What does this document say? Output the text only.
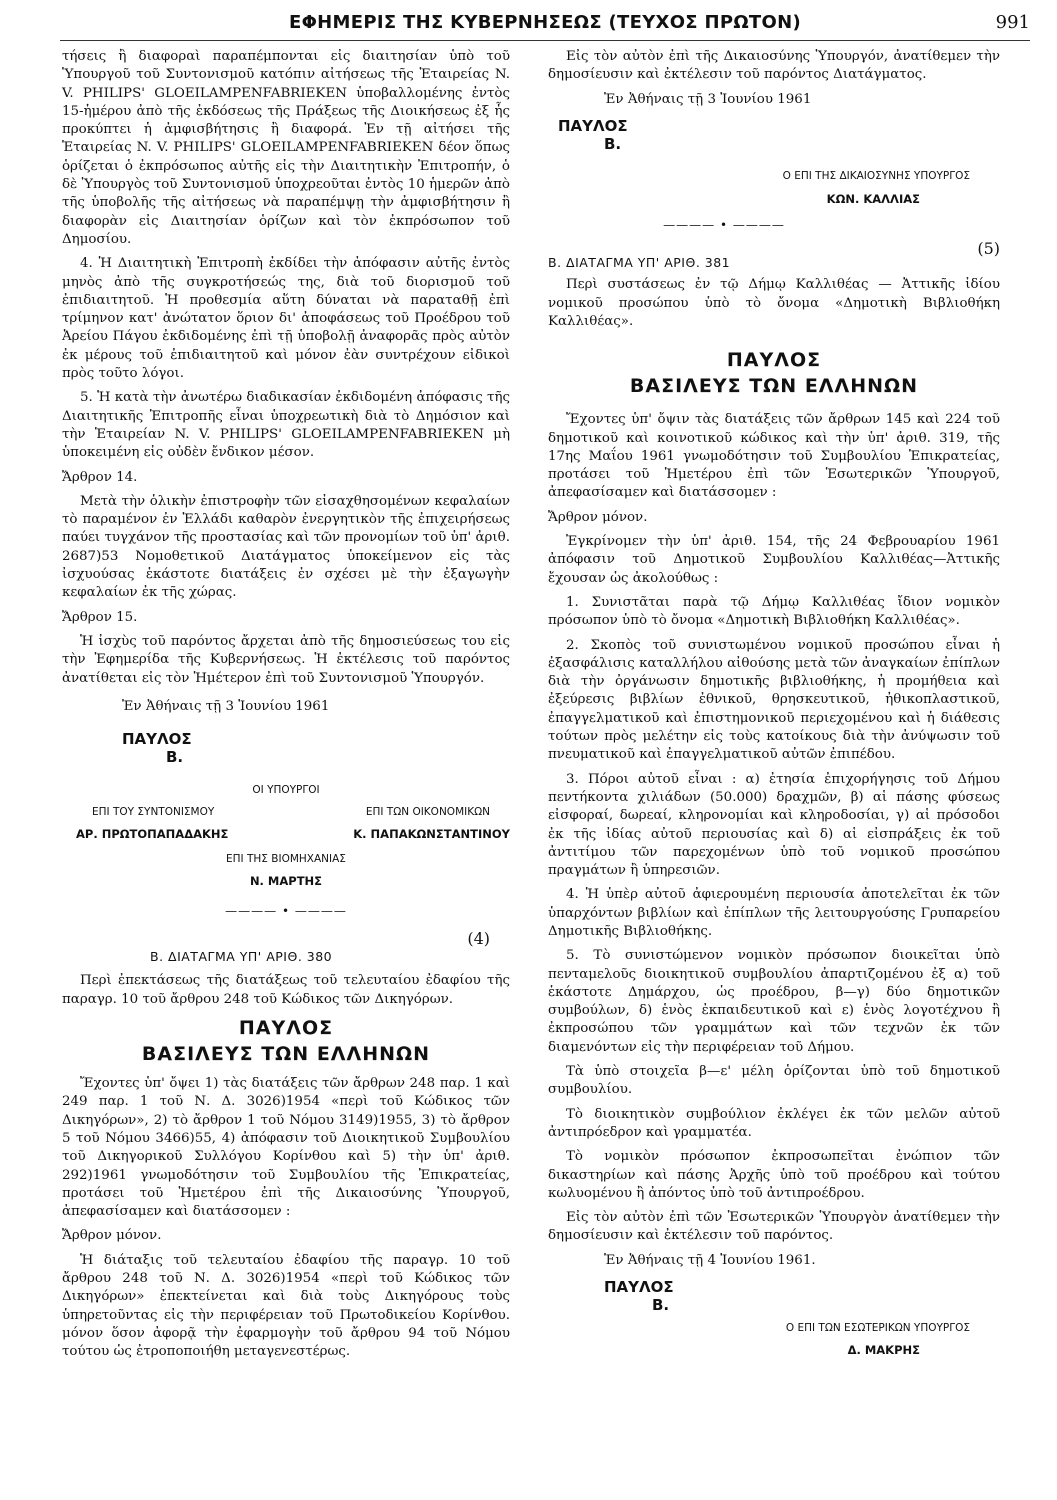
ΕΦΗΜΕΡΙΣ ΤΗΣ ΚΥΒΕΡΝΗΣΕΩΣ (ΤΕΥΧΟΣ ΠΡΩΤΟΝ)	991

τήσεις ἢ διαφοραὶ παραπέμπονται εἰς διαιτησίαν ὑπὸ τοῦ Ὑπουργοῦ τοῦ Συντονισμοῦ κατόπιν αἰτήσεως τῆς Ἑταιρείας N. V. PHILIPS' GLOEILAMPENFABRIEKEN ὑποβαλλομένης ἐντὸς 15-ἡμέρου ἀπὸ τῆς ἐκδόσεως τῆς Πράξεως τῆς Διοικήσεως ἐξ ἧς προκύπτει ἡ ἀμφισβήτησις ἢ διαφορά. Ἐν τῇ αἰτήσει τῆς Ἑταιρείας N. V. PHILIPS' GLOEILAMPENFABRIEKEN δέον ὅπως ὁρίζεται ὁ ἐκπρόσωπος αὐτῆς εἰς τὴν Διαιτητικὴν Ἐπιτροπήν, ὁ δὲ Ὑπουργὸς τοῦ Συντονισμοῦ ὑποχρεοῦται ἐντὸς 10 ἡμερῶν ἀπὸ τῆς ὑποβολῆς τῆς αἰτήσεως νὰ παραπέμψῃ τὴν ἀμφισβήτησιν ἢ διαφορὰν εἰς Διαιτησίαν ὁρίζων καὶ τὸν ἐκπρόσωπον τοῦ Δημοσίου.

4. Ἡ Διαιτητικὴ Ἐπιτροπὴ ἐκδίδει τὴν ἀπόφασιν αὐτῆς ἐντὸς μηνὸς ἀπὸ τῆς συγκροτήσεώς της, διὰ τοῦ διορισμοῦ τοῦ ἐπιδιαιτητοῦ. Ἡ προθεσμία αὕτη δύναται νὰ παραταθῇ ἐπὶ τρίμηνον κατ' ἀνώτατον ὅριον δι' ἀποφάσεως τοῦ Προέδρου τοῦ Ἀρείου Πάγου ἐκδιδομένης ἐπὶ τῇ ὑποβολῇ ἀναφορᾶς πρὸς αὐτὸν ἐκ μέρους τοῦ ἐπιδιαιτητοῦ καὶ μόνον ἐὰν συντρέχουν εἰδικοὶ πρὸς τοῦτο λόγοι.

5. Ἡ κατὰ τὴν ἀνωτέρω διαδικασίαν ἐκδιδομένη ἀπόφασις τῆς Διαιτητικῆς Ἐπιτροπῆς εἶναι ὑποχρεωτικὴ διὰ τὸ Δημόσιον καὶ τὴν Ἑταιρείαν N. V. PHILIPS' GLOEILAMPENFABRIEKEN μὴ ὑποκειμένη εἰς οὐδὲν ἔνδικον μέσον.

Ἄρθρον 14.

Μετὰ τὴν ὁλικὴν ἐπιστροφὴν τῶν εἰσαχθησομένων κεφαλαίων τὸ παραμένον ἐν Ἑλλάδι καθαρὸν ἐνεργητικὸν τῆς ἐπιχειρήσεως παύει τυγχάνον τῆς προστασίας καὶ τῶν προνομίων τοῦ ὑπ' ἀριθ. 2687)53 Νομοθετικοῦ Διατάγματος ὑποκείμενον εἰς τὰς ἰσχυούσας ἑκάστοτε διατάξεις ἐν σχέσει μὲ τὴν ἐξαγωγὴν κεφαλαίων ἐκ τῆς χώρας.

Ἄρθρον 15.

Ἡ ἰσχὺς τοῦ παρόντος ἄρχεται ἀπὸ τῆς δημοσιεύσεως του εἰς τὴν Ἐφημερίδα τῆς Κυβερνήσεως. Ἡ ἐκτέλεσις τοῦ παρόντος ἀνατίθεται εἰς τὸν Ἡμέτερον ἐπὶ τοῦ Συντονισμοῦ Ὑπουργόν.

Ἐν Ἀθήναις τῇ 3 Ἰουνίου 1961

ΠΑΥΛΟΣ
Β.
ΟΙ ΥΠΟΥΡΓΟΙ
ΕΠΙ ΤΟΥ ΣΥΝΤΟΝΙΣΜΟΥ	ΕΠΙ ΤΩΝ ΟΙΚΟΝΟΜΙΚΩΝ
ΑΡ. ΠΡΩΤΟΠΑΠΑΔΑΚΗΣ	Κ. ΠΑΠΑΚΩΝΣΤΑΝΤΙΝΟΥ
ΕΠΙ ΤΗΣ ΒΙΟΜΗΧΑΝΙΑΣ
Ν. ΜΑΡΤΗΣ
———— • ————
Β. ΔΙΑΤΑΓΜΑ ΥΠ' ΑΡΙΘ. 380
(4)

Περὶ ἐπεκτάσεως τῆς διατάξεως τοῦ τελευταίου ἐδαφίου τῆς παραγρ. 10 τοῦ ἄρθρου 248 τοῦ Κώδικος τῶν Δικηγόρων.

ΠΑΥΛΟΣ
ΒΑΣΙΛΕΥΣ ΤΩΝ ΕΛΛΗΝΩΝ

Ἔχοντες ὑπ' ὄψει 1) τὰς διατάξεις τῶν ἄρθρων 248 παρ. 1 καὶ 249 παρ. 1 τοῦ Ν. Δ. 3026)1954 «περὶ τοῦ Κώδικος τῶν Δικηγόρων», 2) τὸ ἄρθρον 1 τοῦ Νόμου 3149)1955, 3) τὸ ἄρθρον 5 τοῦ Νόμου 3466)55, 4) ἀπόφασιν τοῦ Διοικητικοῦ Συμβουλίου τοῦ Δικηγορικοῦ Συλλόγου Κορίνθου καὶ 5) τὴν ὑπ' ἀριθ. 292)1961 γνωμοδότησιν τοῦ Συμβουλίου τῆς Ἐπικρατείας, προτάσει τοῦ Ἡμετέρου ἐπὶ τῆς Δικαιοσύνης Ὑπουργοῦ, ἀπεφασίσαμεν καὶ διατάσσομεν :

Ἄρθρον μόνον.

Ἡ διάταξις τοῦ τελευταίου ἐδαφίου τῆς παραγρ. 10 τοῦ ἄρθρου 248 τοῦ Ν. Δ. 3026)1954 «περὶ τοῦ Κώδικος τῶν Δικηγόρων» ἐπεκτείνεται καὶ διὰ τοὺς Δικηγόρους τοὺς ὑπηρετοῦντας εἰς τὴν περιφέρειαν τοῦ Πρωτοδικείου Κορίνθου. μόνον ὅσον ἀφορᾷ τὴν ἐφαρμογὴν τοῦ ἄρθρου 94 τοῦ Νόμου τούτου ὡς ἐτροποποιήθη μεταγενεστέρως.

Εἰς τὸν αὐτὸν ἐπὶ τῆς Δικαιοσύνης Ὑπουργόν, ἀνατίθεμεν τὴν δημοσίευσιν καὶ ἐκτέλεσιν τοῦ παρόντος Διατάγματος.

Ἐν Ἀθήναις τῇ 3 Ἰουνίου 1961

ΠΑΥΛΟΣ
Β.
Ο ΕΠΙ ΤΗΣ ΔΙΚΑΙΟΣΥΝΗΣ ΥΠΟΥΡΓΟΣ
ΚΩΝ. ΚΑΛΛΙΑΣ
———— • ————
Β. ΔΙΑΤΑΓΜΑ ΥΠ' ΑΡΙΘ. 381
(5)

Περὶ συστάσεως ἐν τῷ Δήμῳ Καλλιθέας — Ἀττικῆς ἰδίου νομικοῦ προσώπου ὑπὸ τὸ ὄνομα «Δημοτικὴ Βιβλιοθήκη Καλλιθέας».

ΠΑΥΛΟΣ
ΒΑΣΙΛΕΥΣ ΤΩΝ ΕΛΛΗΝΩΝ

Ἔχοντες ὑπ' ὄψιν τὰς διατάξεις τῶν ἄρθρων 145 καὶ 224 τοῦ δημοτικοῦ καὶ κοινοτικοῦ κώδικος καὶ τὴν ὑπ' ἀριθ. 319, τῆς 17ης Μαΐου 1961 γνωμοδότησιν τοῦ Συμβουλίου Ἐπικρατείας, προτάσει τοῦ Ἡμετέρου ἐπὶ τῶν Ἐσωτερικῶν Ὑπουργοῦ, ἀπεφασίσαμεν καὶ διατάσσομεν :

Ἄρθρον μόνον.

Ἐγκρίνομεν τὴν ὑπ' ἀριθ. 154, τῆς 24 Φεβρουαρίου 1961 ἀπόφασιν τοῦ Δημοτικοῦ Συμβουλίου Καλλιθέας—Ἀττικῆς ἔχουσαν ὡς ἀκολούθως :

1. Συνιστᾶται παρὰ τῷ Δήμῳ Καλλιθέας ἴδιον νομικὸν πρόσωπον ὑπὸ τὸ ὄνομα «Δημοτικὴ Βιβλιοθήκη Καλλιθέας».

2. Σκοπὸς τοῦ συνιστωμένου νομικοῦ προσώπου εἶναι ἡ ἐξασφάλισις καταλλήλου αἰθούσης μετὰ τῶν ἀναγκαίων ἐπίπλων διὰ τὴν ὀργάνωσιν δημοτικῆς βιβλιοθήκης, ἡ προμήθεια καὶ ἐξεύρεσις βιβλίων ἐθνικοῦ, θρησκευτικοῦ, ἠθικοπλαστικοῦ, ἐπαγγελματικοῦ καὶ ἐπιστημονικοῦ περιεχομένου καὶ ἡ διάθεσις τούτων πρὸς μελέτην εἰς τοὺς κατοίκους διὰ τὴν ἀνύψωσιν τοῦ πνευματικοῦ καὶ ἐπαγγελματικοῦ αὐτῶν ἐπιπέδου.

3. Πόροι αὐτοῦ εἶναι : α) ἐτησία ἐπιχορήγησις τοῦ Δήμου πεντήκοντα χιλιάδων (50.000) δραχμῶν, β) αἱ πάσης φύσεως εἰσφοραί, δωρεαί, κληρονομίαι καὶ κληροδοσίαι, γ) αἱ πρόσοδοι ἐκ τῆς ἰδίας αὐτοῦ περιουσίας καὶ δ) αἱ εἰσπράξεις ἐκ τοῦ ἀντιτίμου τῶν παρεχομένων ὑπὸ τοῦ νομικοῦ προσώπου πραγμάτων ἢ ὑπηρεσιῶν.

4. Ἡ ὑπὲρ αὐτοῦ ἀφιερουμένη περιουσία ἀποτελεῖται ἐκ τῶν ὑπαρχόντων βιβλίων καὶ ἐπίπλων τῆς λειτουργούσης Γρυπαρείου Δημοτικῆς Βιβλιοθήκης.

5. Τὸ συνιστώμενον νομικὸν πρόσωπον διοικεῖται ὑπὸ πενταμελοῦς διοικητικοῦ συμβουλίου ἀπαρτιζομένου ἐξ α) τοῦ ἑκάστοτε Δημάρχου, ὡς προέδρου, β—γ) δύο δημοτικῶν συμβούλων, δ) ἑνὸς ἐκπαιδευτικοῦ καὶ ε) ἑνὸς λογοτέχνου ἢ ἐκπροσώπου τῶν γραμμάτων καὶ τῶν τεχνῶν ἐκ τῶν διαμενόντων εἰς τὴν περιφέρειαν τοῦ Δήμου.

Τὰ ὑπὸ στοιχεῖα β—ε' μέλη ὁρίζονται ὑπὸ τοῦ δημοτικοῦ συμβουλίου.

Τὸ διοικητικὸν συμβούλιον ἐκλέγει ἐκ τῶν μελῶν αὐτοῦ ἀντιπρόεδρον καὶ γραμματέα.

Τὸ νομικὸν πρόσωπον ἐκπροσωπεῖται ἐνώπιον τῶν δικαστηρίων καὶ πάσης Ἀρχῆς ὑπὸ τοῦ προέδρου καὶ τούτου κωλυομένου ἢ ἀπόντος ὑπὸ τοῦ ἀντιπροέδρου.

Εἰς τὸν αὐτὸν ἐπὶ τῶν Ἐσωτερικῶν Ὑπουργὸν ἀνατίθεμεν τὴν δημοσίευσιν καὶ ἐκτέλεσιν τοῦ παρόντος.

Ἐν Ἀθήναις τῇ 4 Ἰουνίου 1961.

ΠΑΥΛΟΣ
Β.
Ο ΕΠΙ ΤΩΝ ΕΣΩΤΕΡΙΚΩΝ ΥΠΟΥΡΓΟΣ
Δ. ΜΑΚΡΗΣ
